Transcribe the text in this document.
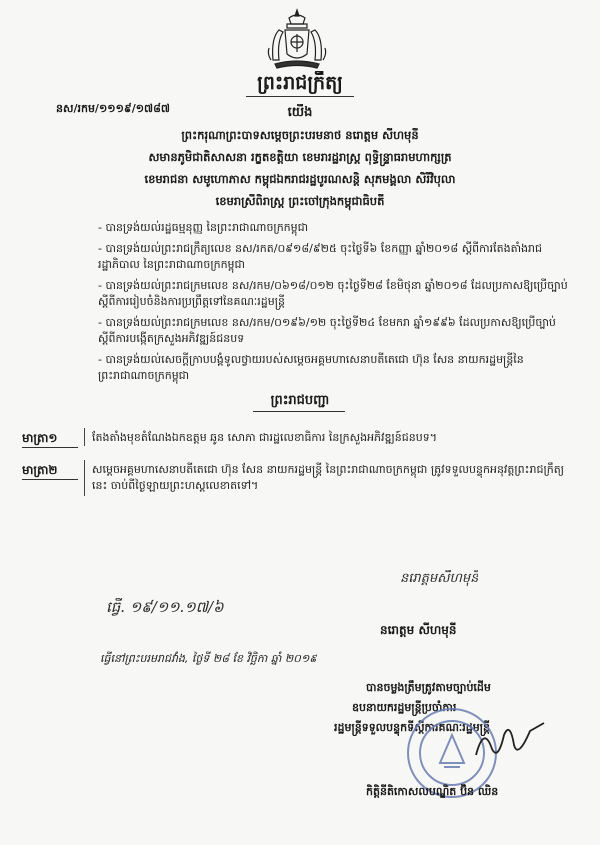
ព្រះរាជក្រឹត្យ
នស/រកម/១១១៩/១៧៨៧	យើង
ព្រះករុណាព្រះបាទសម្តេចព្រះបរមនាថ នរោត្តម សីហមុនី
សមានភូមិជាតិសាសនា រក្ខតខត្តិយា ខេមរារដ្ឋរាស្ត្រ ពុទ្ធិន្ទ្រាធរាមហាក្សត្រ
ខេមរាជនា សមូហោភាស កម្ពុជឯករាជរដ្ឋបូរណសន្តិ សុភមង្គលា សិរីវិបុលា
ខេមរាស្រីពិរាស្ត្រ ព្រះចៅក្រុងកម្ពុជាធិបតី
- បានទ្រង់យល់រដ្ឋធម្មនុញ្ញ នៃព្រះរាជាណាចក្រកម្ពុជា
- បានទ្រង់យល់ព្រះរាជក្រឹត្យលេខ នស/រកត/០៩១៨/៩២៥ ចុះថ្ងៃទី៦ ខែកញ្ញា ឆ្នាំ២០១៨ ស្តីពីការតែងតាំងរាជរដ្ឋាភិបាល នៃព្រះរាជាណាចក្រកម្ពុជា
- បានទ្រង់យល់ព្រះរាជក្រមលេខ នស/រកម/០៦១៨/០១២ ចុះថ្ងៃទី២៨ ខែមិថុនា ឆ្នាំ២០១៨ ដែលប្រកាសឱ្យប្រើច្បាប់ស្តីពីការរៀបចំនិងការប្រព្រឹត្តទៅនៃគណៈរដ្ឋមន្ត្រី
- បានទ្រង់យល់ព្រះរាជក្រមលេខ នស/រកម/០១៩៦/១២ ចុះថ្ងៃទី២៤ ខែមករា ឆ្នាំ១៩៩៦ ដែលប្រកាសឱ្យប្រើច្បាប់ស្តីពីការបង្កើតក្រសួងអភិវឌ្ឍន៍ជនបទ
- បានទ្រង់យល់សេចក្តីក្រាបបង្គំទូលថ្វាយរបស់សម្តេចអគ្គមហាសេនាបតីតេជោ ហ៊ុន សែន នាយករដ្ឋមន្ត្រីនៃព្រះរាជាណាចក្រកម្ពុជា
ព្រះរាជបញ្ជា
មាត្រា១	តែងតាំងមុខតំណែងឯកឧត្តម ឆូន សោភា ជារដ្ឋលេខាធិការ នៃក្រសួងអភិវឌ្ឍន៍ជនបទ។
មាត្រា២	សម្តេចអគ្គមហាសេនាបតីតេជោ ហ៊ុន សែន នាយករដ្ឋមន្ត្រី នៃព្រះរាជាណាចក្រកម្ពុជា ត្រូវទទួលបន្ទុកអនុវត្តព្រះរាជក្រឹត្យនេះ ចាប់ពីថ្ងៃឡាយព្រះហស្តលេខាតទៅ។
នរោត្តមសីហមុនី
ធ្វើ. ១៩/១១.១៧/៦
នរោត្តម សីហមុនី
ធ្វើនៅព្រះបរមរាជវាំង, ថ្ងៃទី ២៨ ខែ វិច្ឆិកា ឆ្នាំ ២០១៩
បានចម្លងត្រឹមត្រូវតាមច្បាប់ដើម
ឧបនាយករដ្ឋមន្ត្រីប្រចាំការ
រដ្ឋមន្ត្រីទទួលបន្ទុកទីស្តីការគណៈរដ្ឋមន្ត្រី
កិត្តិនីតិកោសលបណ្ឌិត ប៊ិន ឈិន
